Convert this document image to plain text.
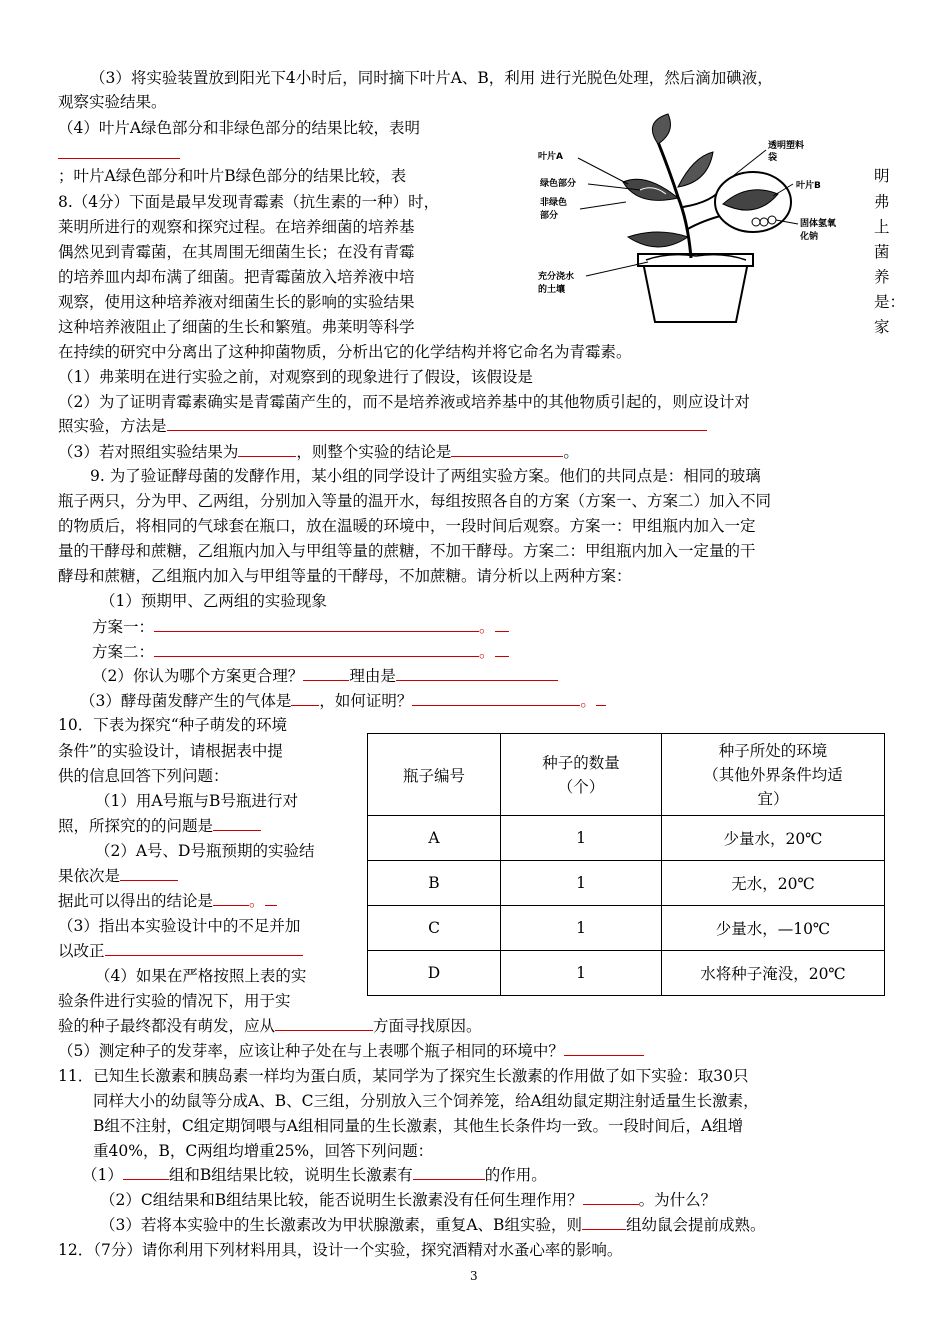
（3）将实验装置放到阳光下4小时后，同时摘下叶片A、B，利用 进行光脱色处理，然后滴加碘液，
观察实验结果。
（4）叶片A绿色部分和非绿色部分的结果比较，表明
；叶片A绿色部分和叶片B绿色部分的结果比较，表	明
叶片A
绿色部分
非绿色
部分
透明塑料
袋
叶片B
固体氢氧
化钠
充分浇水
的土壤
8.（4分）下面是最早发现青霉素（抗生素的一种）时，	弗
莱明所进行的观察和探究过程。在培养细菌的培养基	上
偶然见到青霉菌，在其周围无细菌生长；在没有青霉	菌
的培养皿内却布满了细菌。把青霉菌放入培养液中培	养
观察，使用这种培养液对细菌生长的影响的实验结果	是：
这种培养液阻止了细菌的生长和繁殖。弗莱明等科学	家
在持续的研究中分离出了这种抑菌物质，分析出它的化学结构并将它命名为青霉素。
（1）弗莱明在进行实验之前，对观察到的现象进行了假设，该假设是
（2）为了证明青霉素确实是青霉菌产生的，而不是培养液或培养基中的其他物质引起的，则应设计对
照实验，方法是
（3）若对照组实验结果为	，则整个实验的结论是	。
9. 为了验证酵母菌的发酵作用，某小组的同学设计了两组实验方案。他们的共同点是：相同的玻璃
瓶子两只，分为甲、乙两组，分别加入等量的温开水，每组按照各自的方案（方案一、方案二）加入不同
的物质后，将相同的气球套在瓶口，放在温暖的环境中，一段时间后观察。方案一：甲组瓶内加入一定
量的干酵母和蔗糖，乙组瓶内加入与甲组等量的蔗糖，不加干酵母。方案二：甲组瓶内加入一定量的干
酵母和蔗糖，乙组瓶内加入与甲组等量的干酵母，不加蔗糖。请分析以上两种方案：
（1）预期甲、乙两组的实验现象
方案一：	。
方案二：	。
（2）你认为哪个方案更合理？	理由是
（3）酵母菌发酵产生的气体是 ，如何证明？	。
10．下表为探究“种子萌发的环境
条件”的实验设计，请根据表中提
供的信息回答下列问题：
（1）用A号瓶与B号瓶进行对
照，所探究的的问题是
（2）A号、D号瓶预期的实验结
果依次是
据此可以得出的结论是 。
（3）指出本实验设计中的不足并加
以改正
（4）如果在严格按照上表的实
验条件进行实验的情况下，用于实
验的种子最终都没有萌发，应从	方面寻找原因。
（5）测定种子的发芽率，应该让种子处在与上表哪个瓶子相同的环境中？
瓶子编号	种子的数量
（个）	种子所处的环境
（其他外界条件均适
宜）
A	1	少量水，20℃
B	1	无水，20℃
C	1	少量水，—10℃
D	1	水将种子淹没，20℃
11．已知生长激素和胰岛素一样均为蛋白质，某同学为了探究生长激素的作用做了如下实验：取30只
同样大小的幼鼠等分成A、B、C三组，分别放入三个饲养笼，给A组幼鼠定期注射适量生长激素，
B组不注射，C组定期饲喂与A组相同量的生长激素，其他生长条件均一致。一段时间后，A组增
重40%，B，C两组均增重25%，回答下列问题：
（1）	组和B组结果比较，说明生长激素有	的作用。
（2）C组结果和B组结果比较，能否说明生长激素没有任何生理作用？	。为什么？
（3）若将本实验中的生长激素改为甲状腺激素，重复A、B组实验，则	组幼鼠会提前成熟。
12．（7分）请你利用下列材料用具，设计一个实验，探究酒精对水蚤心率的影响。
3
